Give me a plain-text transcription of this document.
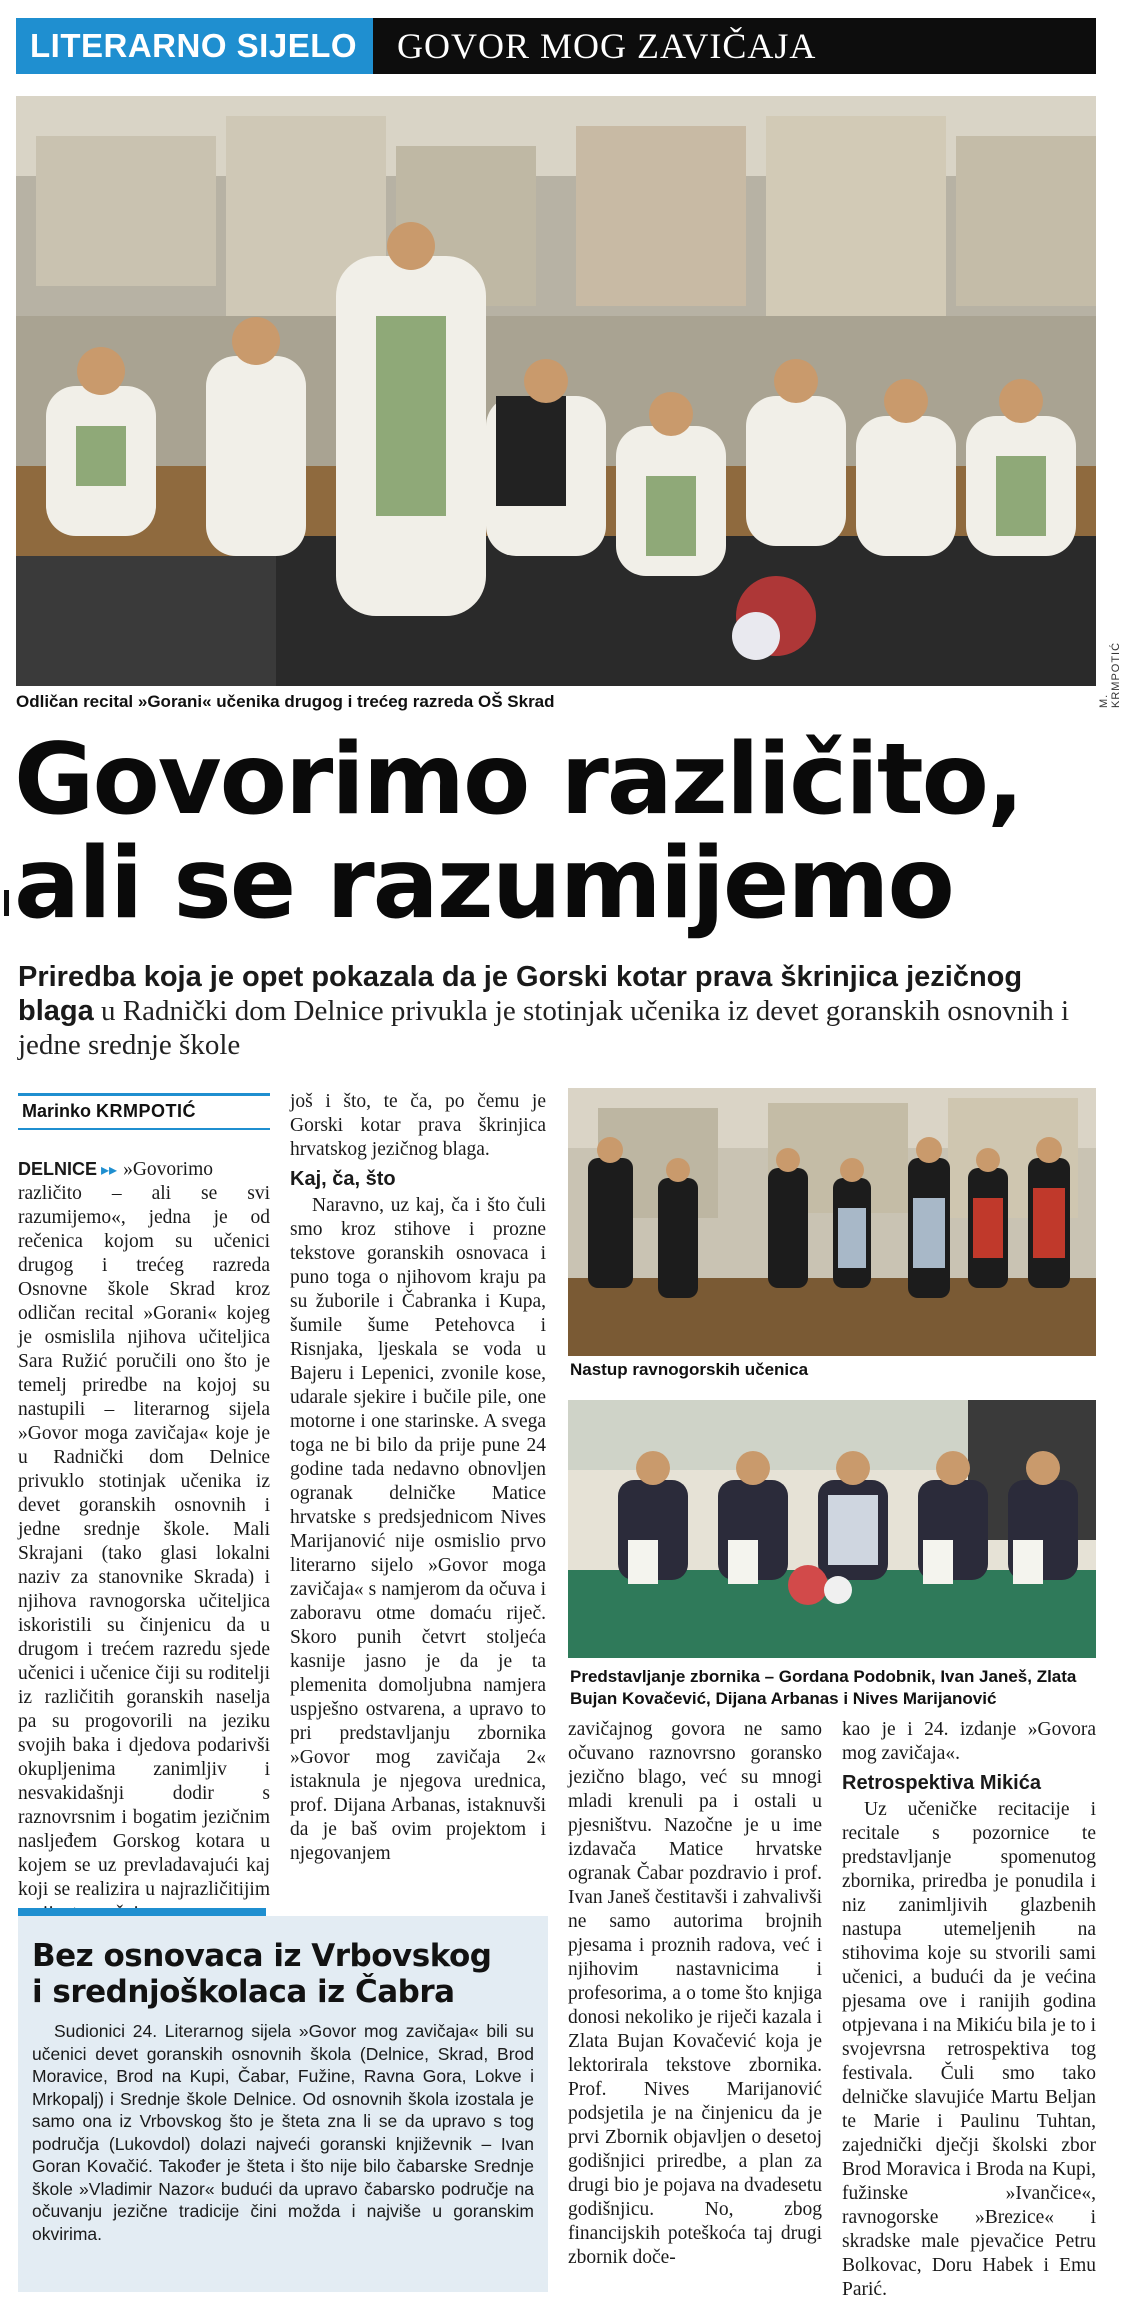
LITERARNO SIJELO	GOVOR MOG ZAVIČAJA
M. KRMPOTIĆ
Odličan recital »Gorani« učenika drugog i trećeg razreda OŠ Skrad
Govorimo različito,
ali se razumijemo
Priredba koja je opet pokazala da je Gorski kotar prava škrinjica jezičnog blaga u Radnički dom Delnice privukla je stotinjak učenika iz devet goranskih osnovnih i jedne srednje škole
Marinko KRMPOTIĆ

DELNICE ▸▸ »Govorimo različito – ali se svi razumijemo«, jedna je od rečenica kojom su učenici drugog i trećeg razreda Osnovne škole Skrad kroz odličan recital »Gorani« kojeg je osmislila njihova učiteljica Sara Ružić poručili ono što je temelj priredbe na kojoj su nastupili – literarnog sijela »Govor moga zavičaja« koje je u Radnički dom Delnice privuklo stotinjak učenika iz devet goranskih osnovnih i jedne srednje škole. Mali Skrajani (tako glasi lokalni naziv za stanovnike Skrada) i njihova ravnogorska učiteljica iskoristili su činjenicu da u drugom i trećem razredu sjede učenici i učenice čiji su roditelji iz različitih goranskih naselja pa su progovorili na jeziku svojih baka i djedova podarivši okupljenima zanimljiv i nesvakidašnji dodir s raznovrsnim i bogatim jezičnim nasljeđem Gorskog kotara u kojem se uz prevladavajući kaj koji se realizira u najrazličitijim

još i što, te ča, po čemu je Gorski kotar prava škrinjica hrvatskog jezičnog blaga.

Kaj, ča, što

Naravno, uz kaj, ča i što čuli smo kroz stihove i prozne tekstove goranskih osnovaca i puno toga o njihovom kraju pa su žuborile i Čabranka i Kupa, šumile šume Petehovca i Risnjaka, ljeskala se voda u Bajeru i Lepenici, zvonile kose, udarale sjekire i bučile pile, one motorne i one starinske. A svega toga ne bi bilo da prije pune 24 godine tada nedavno obnovljen ogranak delničke Matice hrvatske s predsjednicom Nives Marijanović nije osmislio prvo literarno sijelo »Govor moga zavičaja« s namjerom da očuva i zaboravu otme domaću riječ. Skoro punih četvrt stoljeća kasnije jasno je da je ta plemenita domoljubna namjera uspješno ostvarena, a upravo to pri predstavljanju zbornika »Govor mog zavičaja 2« istaknula je njegova urednica, prof. Dijana Arbanas, istaknuvši da je baš ovim projektom i njegovanjem

Nastup ravnogorskih učenica
Predstavljanje zbornika – Gordana Podobnik, Ivan Janeš, Zlata Bujan Kovačević, Dijana Arbanas i Nives Marijanović

zavičajnog govora ne samo očuvano raznovrsno goransko jezično blago, već su mnogi mladi krenuli pa i ostali u pjesništvu. Nazočne je u ime izdavača Matice hrvatske ogranak Čabar pozdravio i prof. Ivan Janeš čestitavši i zahvalivši ne samo autorima brojnih pjesama i proznih radova, već i njihovim nastavnicima i profesorima, a o tome što knjiga donosi nekoliko je riječi kazala i Zlata Bujan Kovačević koja je lektorirala tekstove zbornika. Prof. Nives Marijanović podsjetila je na činjenicu da je prvi Zbornik objavljen o desetoj godišnjici priredbe, a plan za drugi bio je pojava na dvadesetu godišnjicu. No, zbog financijskih poteškoća taj drugi zbornik doče-

kao je i 24. izdanje »Govora mog zavičaja«.

Retrospektiva Mikića

Uz učeničke recitacije i recitale s pozornice te predstavljanje spomenutog zbornika, priredba je ponudila i niz zanimljivih glazbenih nastupa utemeljenih na stihovima koje su stvorili sami učenici, a budući da je većina pjesama ove i ranijih godina otpjevana i na Mikiću bila je to i svojevrsna retrospektiva tog festivala. Čuli smo tako delničke slavujiće Martu Beljan te Marie i Paulinu Tuhtan, zajednički dječji školski zbor Brod Moravica i Broda na Kupi, fužinske »Ivančice«, ravnogorske »Brezice« i skradske male pjevačice Petru Bolkovac, Doru Habek i Emu Parić.

Bez osnovaca iz Vrbovskog
i srednjoškolaca iz Čabra

Sudionici 24. Literarnog sijela »Govor mog zavičaja« bili su učenici devet goranskih osnovnih škola (Delnice, Skrad, Brod Moravice, Brod na Kupi, Čabar, Fužine, Ravna Gora, Lokve i Mrkopalj) i Srednje škole Delnice. Od osnovnih škola izostala je samo ona iz Vrbovskog što je šteta zna li se da upravo s tog područja (Lukovdol) dolazi najveći goranski književnik – Ivan Goran Kovačić. Također je šteta i što nije bilo čabarske Srednje škole »Vladimir Nazor« budući da upravo čabarsko područje na očuvanju jezične tradicije čini možda i najviše u goranskim okvirima.
